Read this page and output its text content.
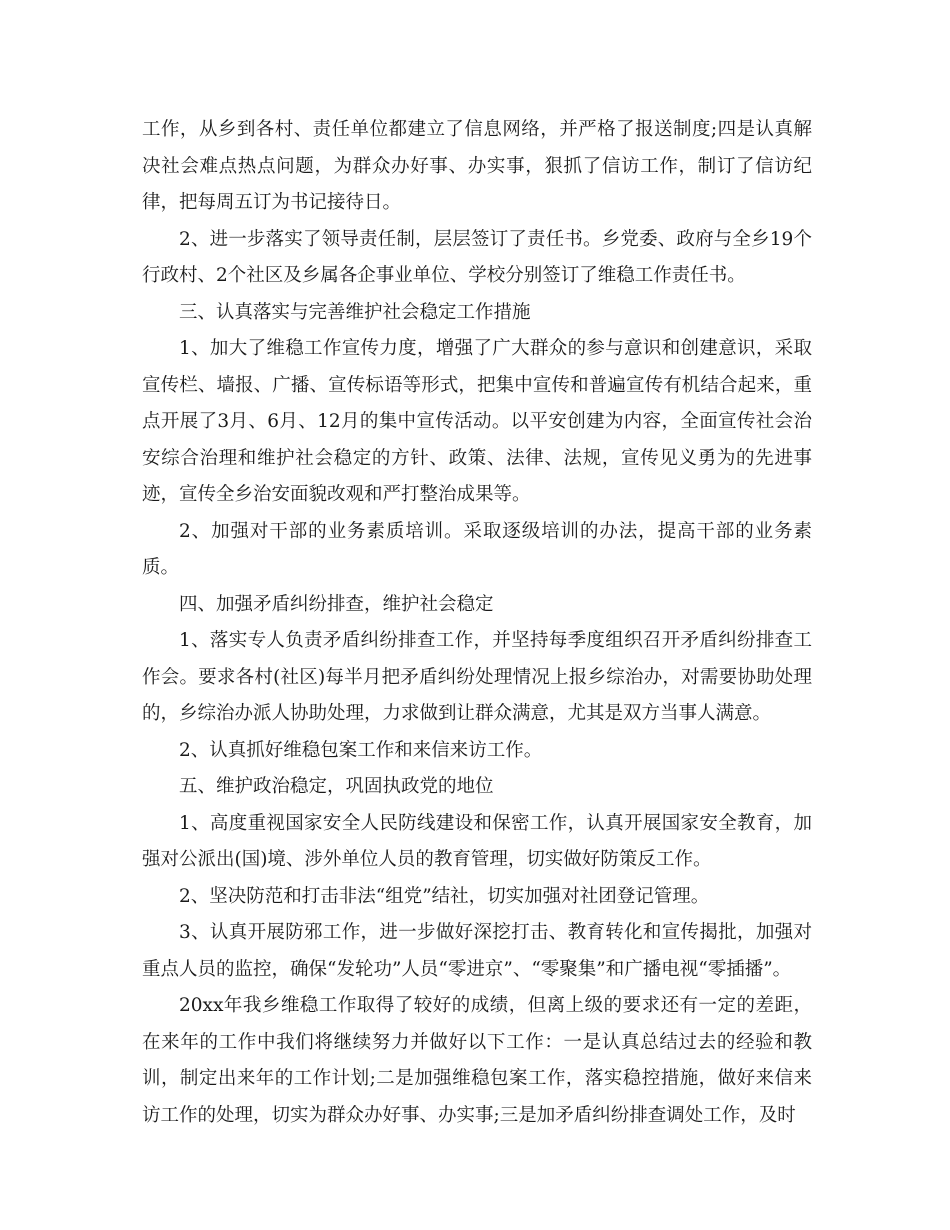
工作，从乡到各村、责任单位都建立了信息网络，并严格了报送制度;四是认真解决社会难点热点问题，为群众办好事、办实事，狠抓了信访工作，制订了信访纪律，把每周五订为书记接待日。

2、进一步落实了领导责任制，层层签订了责任书。乡党委、政府与全乡19个行政村、2个社区及乡属各企事业单位、学校分别签订了维稳工作责任书。

三、认真落实与完善维护社会稳定工作措施

1、加大了维稳工作宣传力度，增强了广大群众的参与意识和创建意识，采取宣传栏、墙报、广播、宣传标语等形式，把集中宣传和普遍宣传有机结合起来，重点开展了3月、6月、12月的集中宣传活动。以平安创建为内容，全面宣传社会治安综合治理和维护社会稳定的方针、政策、法律、法规，宣传见义勇为的先进事迹，宣传全乡治安面貌改观和严打整治成果等。

2、加强对干部的业务素质培训。采取逐级培训的办法，提高干部的业务素质。

四、加强矛盾纠纷排查，维护社会稳定

1、落实专人负责矛盾纠纷排查工作，并坚持每季度组织召开矛盾纠纷排查工作会。要求各村(社区)每半月把矛盾纠纷处理情况上报乡综治办，对需要协助处理的，乡综治办派人协助处理，力求做到让群众满意，尤其是双方当事人满意。

2、认真抓好维稳包案工作和来信来访工作。

五、维护政治稳定，巩固执政党的地位

1、高度重视国家安全人民防线建设和保密工作，认真开展国家安全教育，加强对公派出(国)境、涉外单位人员的教育管理，切实做好防策反工作。

2、坚决防范和打击非法“组党”结社，切实加强对社团登记管理。

3、认真开展防邪工作，进一步做好深挖打击、教育转化和宣传揭批，加强对重点人员的监控，确保“发轮功”人员“零进京”、“零聚集”和广播电视“零插播”。

20xx年我乡维稳工作取得了较好的成绩，但离上级的要求还有一定的差距，在来年的工作中我们将继续努力并做好以下工作：一是认真总结过去的经验和教训，制定出来年的工作计划;二是加强维稳包案工作，落实稳控措施，做好来信来访工作的处理，切实为群众办好事、办实事;三是加矛盾纠纷排查调处工作，及时
